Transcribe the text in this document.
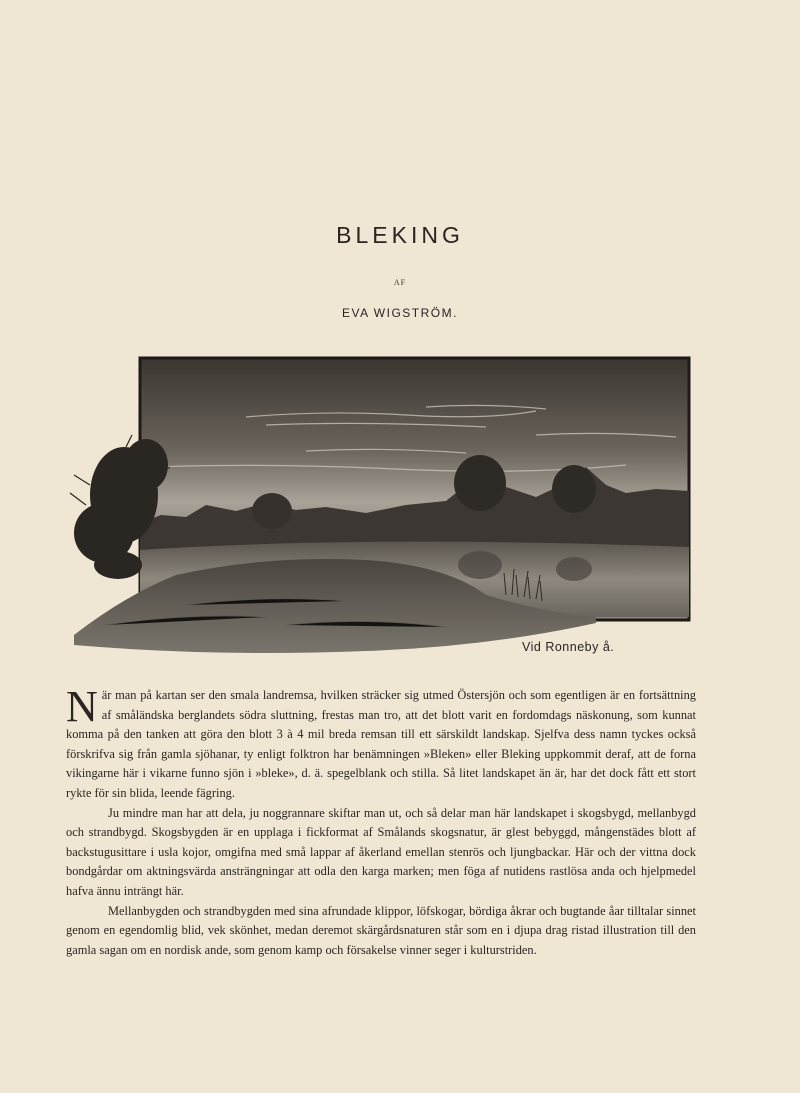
BLEKING
AF
EVA WIGSTRÖM.
Vid Ronneby å.

När man på kartan ser den smala landremsa, hvilken sträcker sig utmed Östersjön och som egentligen är en fortsättning af småländska berglandets södra sluttning, frestas man tro, att det blott varit en fordomdags näskonung, som kunnat komma på den tanken att göra den blott 3 à 4 mil breda remsan till ett särskildt landskap. Sjelfva dess namn tyckes också förskrifva sig från gamla sjöhanar, ty enligt folktron har benämningen »Bleken» eller Bleking uppkommit deraf, att de forna vikingarne här i vikarne funno sjön i »bleke», d. ä. spegelblank och stilla. Så litet landskapet än är, har det dock fått ett stort rykte för sin blida, leende fägring.

Ju mindre man har att dela, ju noggrannare skiftar man ut, och så delar man här landskapet i skogsbygd, mellanbygd och strandbygd. Skogsbygden är en upplaga i fickformat af Smålands skogsnatur, är glest bebyggd, mångenstädes blott af backstugusittare i usla kojor, omgifna med små lappar af åkerland emellan stenrös och ljungbackar. Här och der vittna dock bondgårdar om aktningsvärda ansträngningar att odla den karga marken; men föga af nutidens rastlösa anda och hjelpmedel hafva ännu inträngt här.

Mellanbygden och strandbygden med sina afrundade klippor, löfskogar, bördiga åkrar och bugtande åar tilltalar sinnet genom en egendomlig blid, vek skönhet, medan deremot skärgårdsnaturen står som en i djupa drag ristad illustration till den gamla sagan om en nordisk ande, som genom kamp och försakelse vinner seger i kulturstriden.
